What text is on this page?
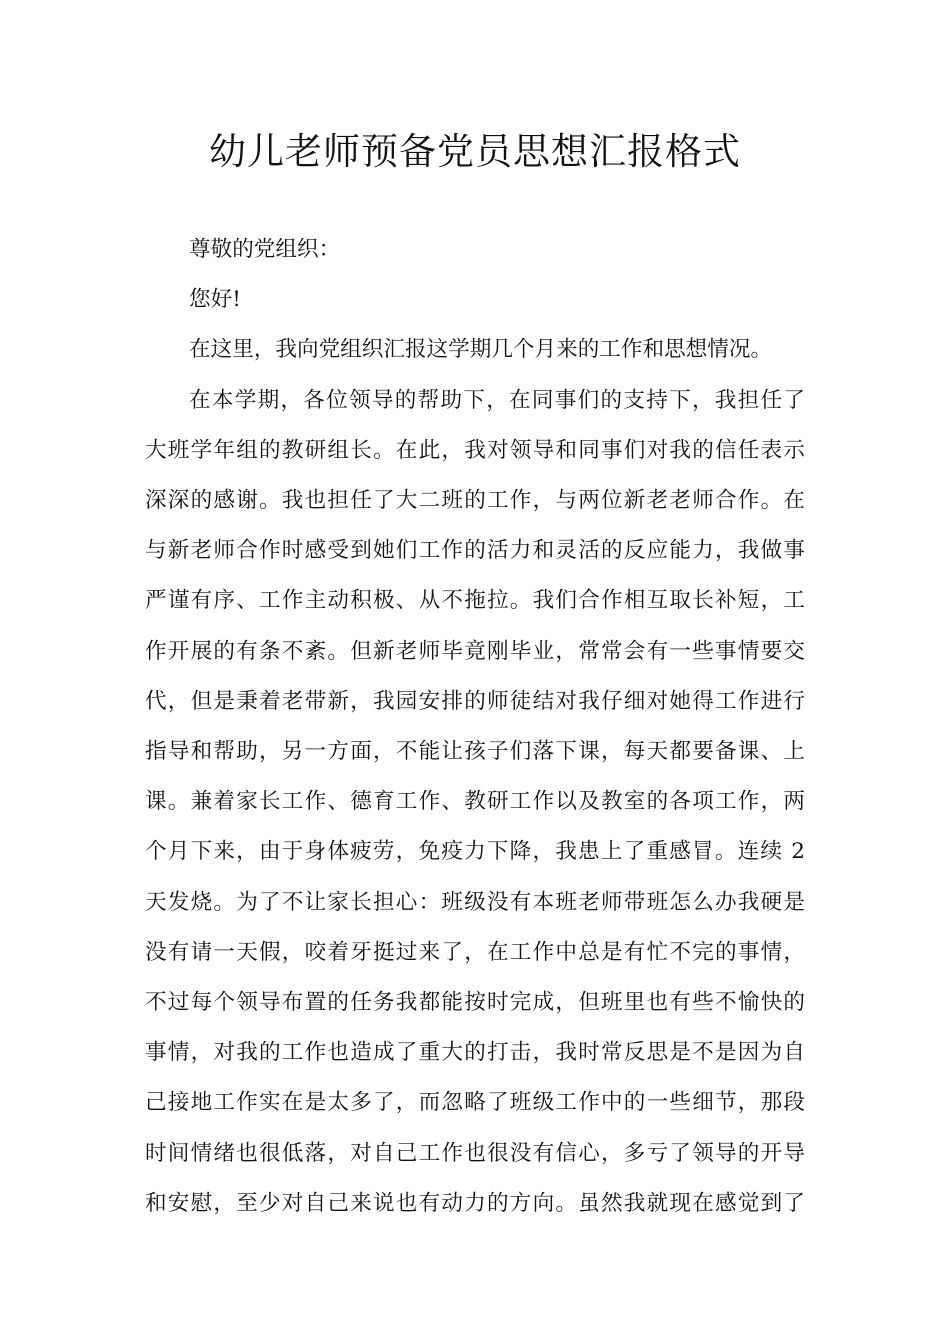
幼儿老师预备党员思想汇报格式

尊敬的党组织：

您好!

在这里，我向党组织汇报这学期几个月来的工作和思想情况。

在本学期，各位领导的帮助下，在同事们的支持下，我担任了

大班学年组的教研组长。在此，我对领导和同事们对我的信任表示

深深的感谢。我也担任了大二班的工作，与两位新老老师合作。在

与新老师合作时感受到她们工作的活力和灵活的反应能力，我做事

严谨有序、工作主动积极、从不拖拉。我们合作相互取长补短，工

作开展的有条不紊。但新老师毕竟刚毕业，常常会有一些事情要交

代，但是秉着老带新，我园安排的师徒结对我仔细对她得工作进行

指导和帮助，另一方面，不能让孩子们落下课，每天都要备课、上

课。兼着家长工作、德育工作、教研工作以及教室的各项工作，两

个月下来，由于身体疲劳，免疫力下降，我患上了重感冒。连续 2

天发烧。为了不让家长担心：班级没有本班老师带班怎么办我硬是

没有请一天假，咬着牙挺过来了，在工作中总是有忙不完的事情，

不过每个领导布置的任务我都能按时完成，但班里也有些不愉快的

事情，对我的工作也造成了重大的打击，我时常反思是不是因为自

己接地工作实在是太多了，而忽略了班级工作中的一些细节，那段

时间情绪也很低落，对自己工作也很没有信心，多亏了领导的开导

和安慰，至少对自己来说也有动力的方向。虽然我就现在感觉到了
